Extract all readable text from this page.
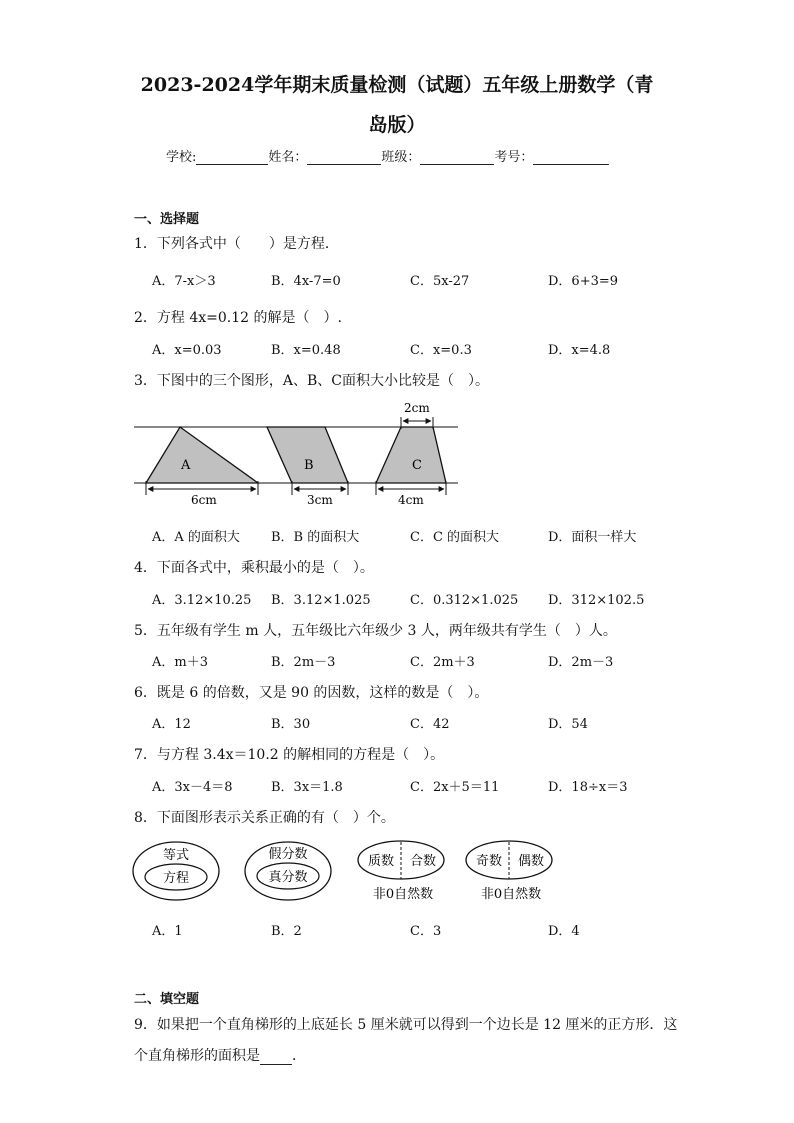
2023-2024学年期末质量检测（试题）五年级上册数学（青
岛版）
学校:	姓名：	班级：	考号：
一、选择题
1．下列各式中（　　）是方程．
A．7-x＞3	B．4x-7=0	C．5x-27	D．6+3=9
2．方程 4x=0.12 的解是（　）.
A．x=0.03	B．x=0.48	C．x=0.3	D．x=4.8
3．下图中的三个图形，A、B、C面积大小比较是（　）。
A	B	C
6cm	3cm	4cm
2cm
A．A 的面积大 B．B 的面积大	C．C 的面积大	D．面积一样大
4．下面各式中，乘积最小的是（　）。
A．3.12×10.25 B．3.12×1.025	C．0.312×1.025 D．312×102.5
5．五年级有学生 m 人，五年级比六年级少 3 人，两年级共有学生（　）人。
A．m＋3	B．2m－3	C．2m＋3	D．2m－3
6．既是 6 的倍数，又是 90 的因数，这样的数是（　）。
A．12	B．30	C．42	D．54
7．与方程 3.4x＝10.2 的解相同的方程是（　）。
A．3x－4＝8	B．3x＝1.8	C．2x＋5＝11	D．18÷x＝3
8．下面图形表示关系正确的有（　）个。
等式
方程
假分数
真分数
质数 合数
非0自然数
奇数 偶数
非0自然数
A．1	B．2	C．3	D．4
二、填空题
9．如果把一个直角梯形的上底延长 5 厘米就可以得到一个边长是 12 厘米的正方形．这
个直角梯形的面积是 ．
